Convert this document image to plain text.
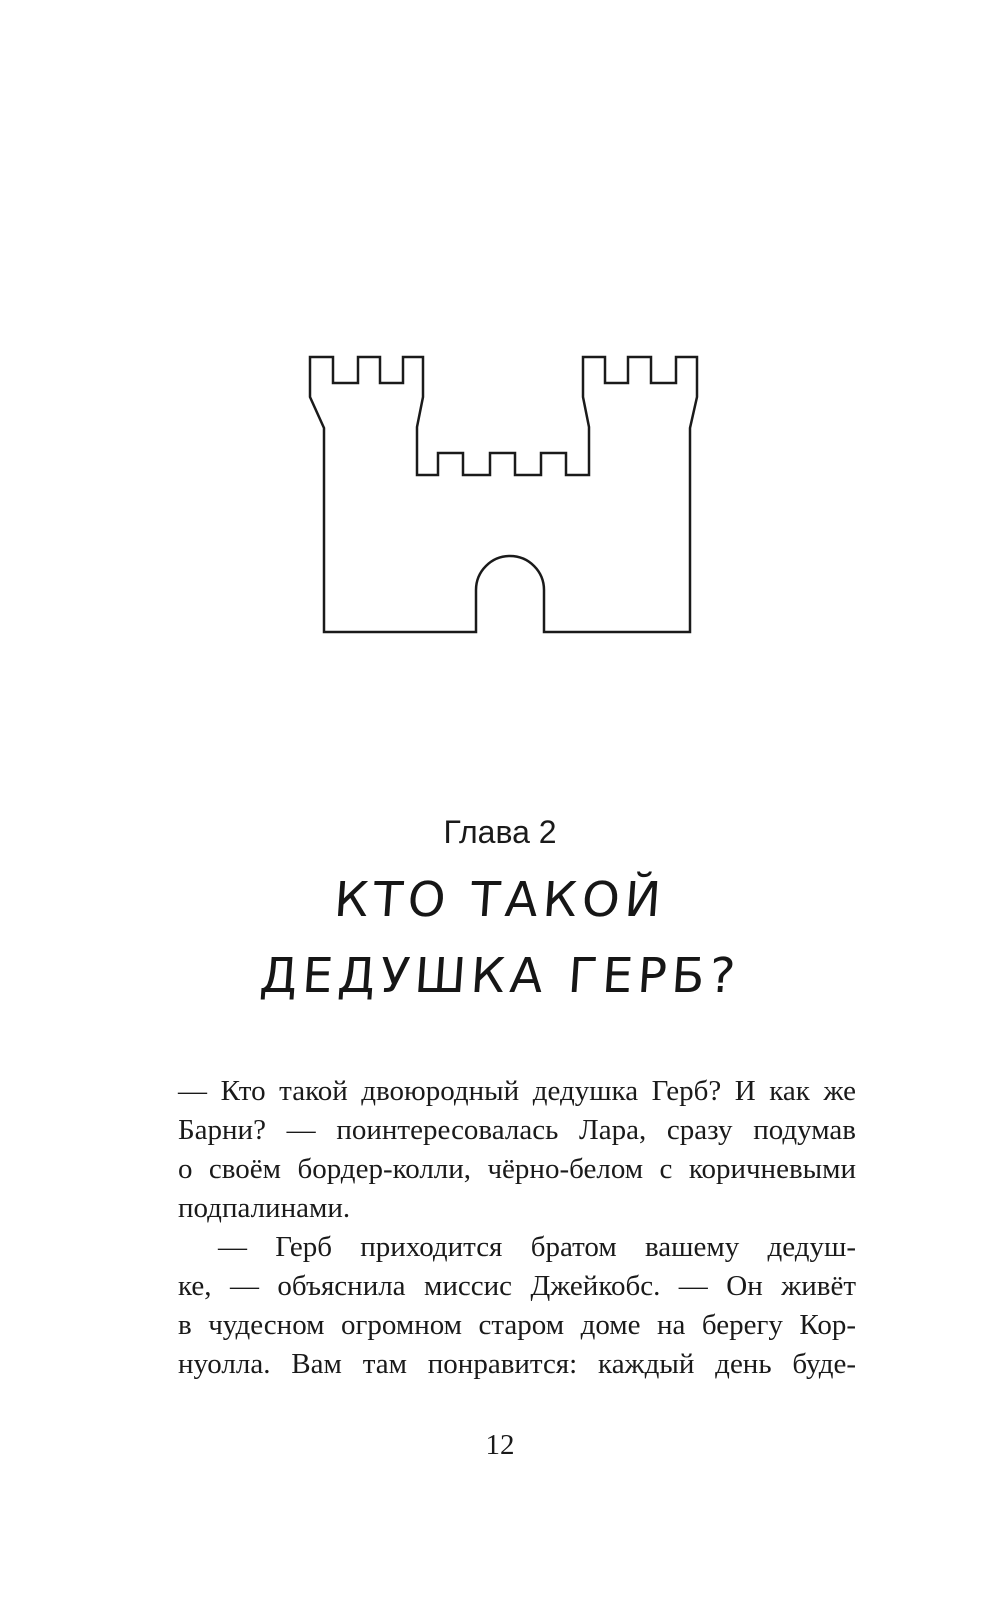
Глава 2
КТО ТАКОЙ
ДЕДУШКА ГЕРБ?
— Кто такой двоюродный дедушка Герб? И как же
Барни? — поинтересовалась Лара, сразу подумав
о своём бордер-колли, чёрно-белом с коричневыми
подпалинами.
— Герб приходится братом вашему дедуш-
ке, — объяснила миссис Джейкобс. — Он живёт
в чудесном огромном старом доме на берегу Кор-
нуолла. Вам там понравится: каждый день буде-
12
